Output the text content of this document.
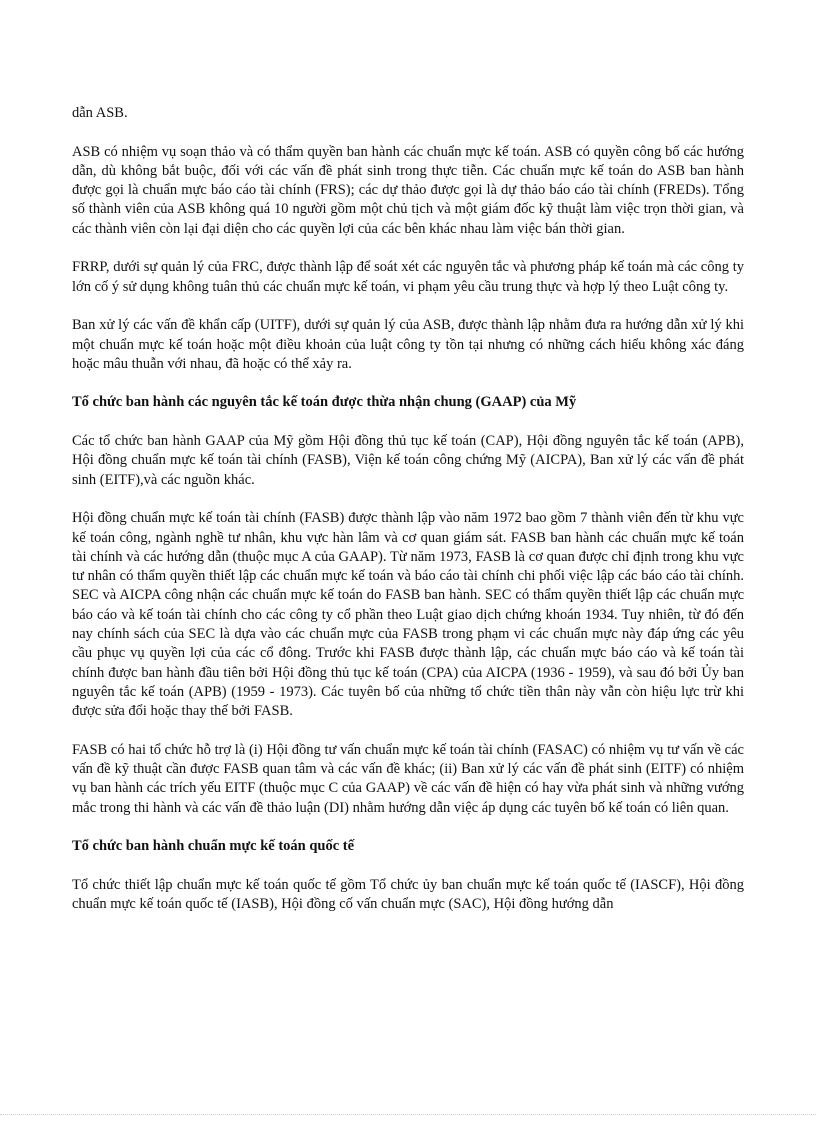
dẫn ASB.

ASB có nhiệm vụ soạn thảo và có thẩm quyền ban hành các chuẩn mực kế toán. ASB có quyền công bố các hướng dẫn, dù không bắt buộc, đối với các vấn đề phát sinh trong thực tiễn. Các chuẩn mực kế toán do ASB ban hành được gọi là chuẩn mực báo cáo tài chính (FRS); các dự thảo được gọi là dự thảo báo cáo tài chính (FREDs). Tổng số thành viên của ASB không quá 10 người gồm một chủ tịch và một giám đốc kỹ thuật làm việc trọn thời gian, và các thành viên còn lại đại diện cho các quyền lợi của các bên khác nhau làm việc bán thời gian.

FRRP, dưới sự quản lý của FRC, được thành lập để soát xét các nguyên tắc và phương pháp kế toán mà các công ty lớn cố ý sử dụng không tuân thủ các chuẩn mực kế toán, vi phạm yêu cầu trung thực và hợp lý theo Luật công ty.

Ban xử lý các vấn đề khẩn cấp (UITF), dưới sự quản lý của ASB, được thành lập nhằm đưa ra hướng dẫn xử lý khi một chuẩn mực kế toán hoặc một điều khoản của luật công ty tồn tại nhưng có những cách hiểu không xác đáng hoặc mâu thuẫn với nhau, đã hoặc có thể xảy ra.

Tổ chức ban hành các nguyên tắc kế toán được thừa nhận chung (GAAP) của Mỹ

Các tổ chức ban hành GAAP của Mỹ gồm Hội đồng thủ tục kế toán (CAP), Hội đồng nguyên tắc kế toán (APB), Hội đồng chuẩn mực kế toán tài chính (FASB), Viện kế toán công chứng Mỹ (AICPA), Ban xử lý các vấn đề phát sinh (EITF),và các nguồn khác.

Hội đồng chuẩn mực kế toán tài chính (FASB) được thành lập vào năm 1972 bao gồm 7 thành viên đến từ khu vực kế toán công, ngành nghề tư nhân, khu vực hàn lâm và cơ quan giám sát. FASB ban hành các chuẩn mực kế toán tài chính và các hướng dẫn (thuộc mục A của GAAP). Từ năm 1973, FASB là cơ quan được chỉ định trong khu vực tư nhân có thẩm quyền thiết lập các chuẩn mực kế toán và báo cáo tài chính chi phối việc lập các báo cáo tài chính. SEC và AICPA công nhận các chuẩn mực kế toán do FASB ban hành. SEC có thẩm quyền thiết lập các chuẩn mực báo cáo và kế toán tài chính cho các công ty cổ phần theo Luật giao dịch chứng khoán 1934. Tuy nhiên, từ đó đến nay chính sách của SEC là dựa vào các chuẩn mực của FASB trong phạm vi các chuẩn mực này đáp ứng các yêu cầu phục vụ quyền lợi của các cổ đông. Trước khi FASB được thành lập, các chuẩn mực báo cáo và kế toán tài chính được ban hành đầu tiên bởi Hội đồng thủ tục kế toán (CPA) của AICPA (1936 - 1959), và sau đó bởi Ủy ban nguyên tắc kế toán (APB) (1959 - 1973). Các tuyên bố của những tổ chức tiền thân này vẫn còn hiệu lực trừ khi được sửa đổi hoặc thay thế bởi FASB.

FASB có hai tổ chức hỗ trợ là (i) Hội đồng tư vấn chuẩn mực kế toán tài chính (FASAC) có nhiệm vụ tư vấn về các vấn đề kỹ thuật cần được FASB quan tâm và các vấn đề khác; (ii) Ban xử lý các vấn đề phát sinh (EITF) có nhiệm vụ ban hành các trích yếu EITF (thuộc mục C của GAAP) về các vấn đề hiện có hay vừa phát sinh và những vướng mắc trong thi hành và các vấn đề thảo luận (DI) nhằm hướng dẫn việc áp dụng các tuyên bố kế toán có liên quan.

Tổ chức ban hành chuẩn mực kế toán quốc tế

Tổ chức thiết lập chuẩn mực kế toán quốc tế gồm Tổ chức ủy ban chuẩn mực kế toán quốc tế (IASCF), Hội đồng chuẩn mực kế toán quốc tế (IASB), Hội đồng cố vấn chuẩn mực (SAC), Hội đồng hướng dẫn
